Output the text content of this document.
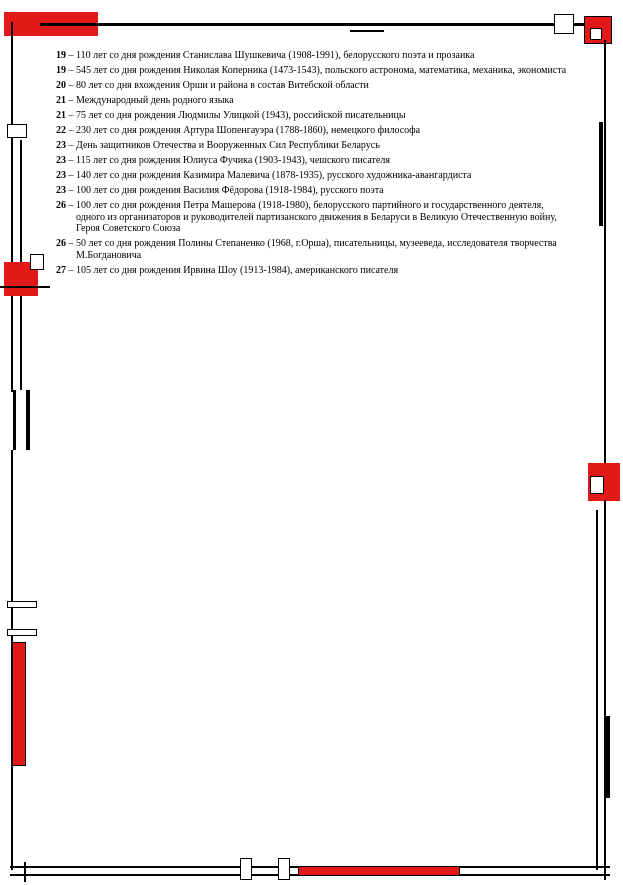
19 – 110 лет со дня рождения Станислава Шушкевича (1908-1991), белорусского поэта и прозаика
19 – 545 лет со дня рождения Николая Коперника (1473-1543), польского астронома, математика, механика, экономиста
20 – 80 лет со дня вхождения Орши и района в состав Витебской области
21 – Международный день родного языка
21 – 75 лет со дня рождения Людмилы Улицкой (1943), российской писательницы
22 – 230 лет со дня рождения Артура Шопенгауэра (1788-1860), немецкого философа
23 – День защитников Отечества и Вооруженных Сил Республики Беларусь
23 – 115 лет со дня рождения Юлиуса Фучика (1903-1943), чешского писателя
23 – 140 лет со дня рождения Казимира Малевича (1878-1935), русского художника-авангардиста
23 – 100 лет со дня рождения Василия Фёдорова (1918-1984), русского поэта
26 – 100 лет со дня рождения Петра Машерова (1918-1980), белорусского партийного и государственного деятеля, одного из организаторов и руководителей партизанского движения в Беларуси в Великую Отечественную войну, Героя Советского Союза
26 – 50 лет со дня рождения Полины Степаненко (1968, г.Орша), писательницы, музееведа, исследователя творчества М.Богдановича
27 – 105 лет со дня рождения Ирвина Шоу (1913-1984), американского писателя
